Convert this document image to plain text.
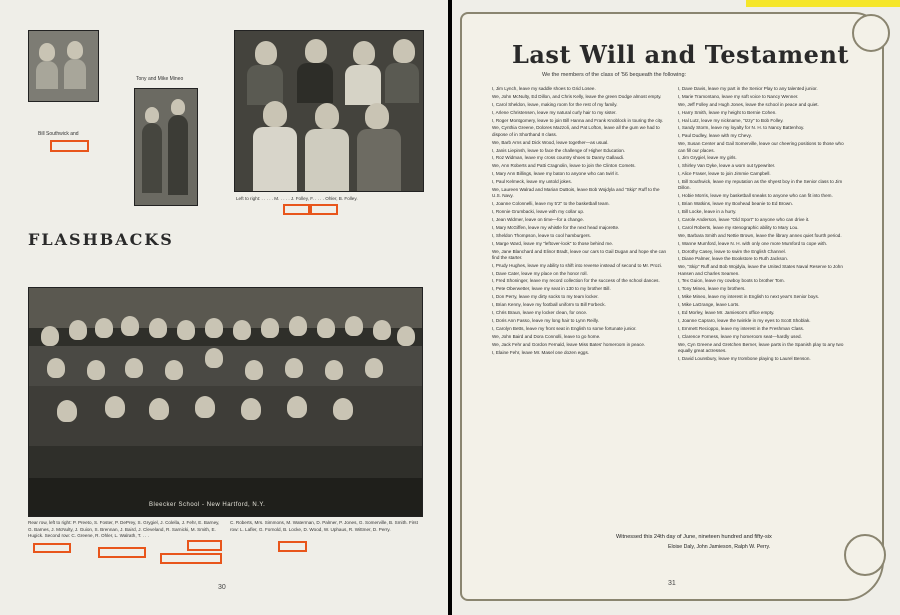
Bill Southwick and
Tony and Mike Mineo
Left to right: . . . . . M. . . . . J. Folley, F. . . . . Ohler, B. Folley.
FLASHBACKS
Bleecker School - New Hartford, N.Y.
Rear row, left to right: P. Preeto, S. Foster, P. DePrey, S. Grygiel, J. Colella, J. Fehr, E. Barney, G. Barnes, J. McNulty, J. Guion, S. Brennan, J. Baird, J. Cleveland, R. Sarnicki, M. Smith, E. Hugick. Second row: C. Greene, R. Ohler, L. Walrath, T. . . .
C. Roberts, Mrs. Simmons, M. Waterman, D. Palmer, P. Jones, G. Somerville, B. Smith. First row: L. Lafler, G. Fornold, B. Locke, D. Wood, W. Uphaus, R. Wittmer, D. Perry.
30
Last Will and Testament
We the members of the class of '56 bequeath the following:

I, Jim Lynch, leave my saddle shoes to Grid Losee.

We, John McNulty, Ed Dillon, and Chris Kelly, leave the green Dodge almost empty.

I, Carol Sheldon, leave, making room for the rest of my family.

I, Arlene Christensen, leave my natural curly hair to my sister.

I, Roger Montgomery, leave to join Bill Hanna and Frank Knoblock in touring the city.

We, Cynthia Greene, Dolores Mazzoli, and Pat Lofton, leave all the gum we had to dispose of in Shorthand II class.

We, Barb Arns and Dick Wood, leave together—as usual.

I, Janis Liepinsh, leave to face the challenge of Higher Education.

I, Roz Widman, leave my cross country shoes to Danny Gallaudi.

We, Ann Roberts and Patti Cragnolin, leave to join the Clinton Comets.

I, Mary Ann Billings, leave my baton to anyone who can twirl it.

I, Paul Kelmeck, leave my untold jokes.

We, Laureen Walrad and Marian DuBois, leave Bob Wojdyla and "Skip" Ruff to the U.S. Navy.

I, Joanne Colonnelli, leave my 5'2" to the basketball team.

I, Ronnie Grumbacki, leave with my collar up.

I, Jean Widmer, leave on time—for a change.

I, Mary McGiffen, leave my whistle for the next head majorette.

I, Sheldon Thompson, leave to cool hamburgers.

I, Marge Ward, leave my "leftover-look" to those behind me.

We, Jane Blanchard and Elinor Bradt, leave our cars to Gail Dugan and hope she can find the starter.

I, Prudy Hughes, leave my ability to shift into reverse instead of second to Mr. Prozi.

I, Dave Cater, leave my place on the honor roll.

I, Fred Shoninger, leave my record collection for the success of the school dances.

I, Pete Oberwetter, leave my seat in 130 to my brother Bill.

I, Don Perry, leave my dirty socks to my team locker.

I, Brian Kenny, leave my football uniform to Bill Forbeck.

I, Chris Braun, leave my locker clean, for once.

I, Doris Ann Fasso, leave my long hair to Lynn Reilly.

I, Carolyn Betts, leave my front seat in English to some fortunate junior.

We, John Baird and Dora Connolli, leave to go home.

We, Jack Fehr and Gordon Fernald, leave Miss Bates' homeroom in peace.

I, Elaine Fehr, leave Mr. Masel one dozen eggs.

I, Dave Davis, leave my part in the Senior Play to any talented junior.

I, Marie Tramontano, leave my soft voice to Nancy Wenner.

We, Jeff Folley and Hugh Jones, leave the school in peace and quiet.

I, Harry Smith, leave my height to Bernie Cohen.

I, Hal Lutz, leave my nickname, "Izzy" to Bob Folley.

I, Sandy Storm, leave my loyalty for N. H. to Nancy Battenhoy.

I, Paul Dudley, leave with my Chevy.

We, Susan Center and Gail Somerville, leave our cheering positions to those who can fill our places.

I, Jim Grygiel, leave my girls.

I, Shirley Van Dyke, leave a worn out typewriter.

I, Alice Fraser, leave to join Jimmie Campbell.

I, Bill Southwick, leave my reputation as the shyest boy in the Senior class to Jim Dillon.

I, Hobie Morris, leave my basketball sneaks to anyone who can fit into them.

I, Brian Watkins, leave my Boxhead beanie to Ed Brown.

I, Bill Locke, leave in a hurry.

I, Carole Anderson, leave "Old Sport" to anyone who can drive it.

I, Carol Roberts, leave my stenographic ability to Mary Lou.

We, Barbara Smith and Nettie Brown, leave the library annex quiet fourth period.

I, Wanne Mumford, leave N. H. with only one more Mumford to cope with.

I, Dorothy Casey, leave to swim the English Channel.

I, Diane Palmer, leave the Bookstore to Ruth Jackson.

We, "Skip" Ruff and Bob Wojdyla, leave the United States Naval Reserve to John Hansen and Charles Seamen.

I, Tex Guion, leave my cowboy boots to brother Tom.

I, Tony Mineo, leave my brothers.

I, Mike Mineo, leave my interest in English to next year's Senior boys.

I, Mike LaGrange, leave Lorts.

I, Ed Morley, leave Mr. Jamieson's office empty.

I, Joanne Capraro, leave the twinkle in my eyes to Scott Shoblak.

I, Emmett Recioppo, leave my interest in the Freshman Class.

I, Clarence Forness, leave my homeroom seat—hardly used.

We, Cyn Greene and Gretchen Berner, leave parts in the Spanish play to any two equally great actresses.

I, David Lounsbury, leave my trombone playing to Laurel Benson.

Witnessed this 24th day of June, nineteen hundred and fifty-six
Eloise Daly, John Jamieson, Ralph W. Perry.
31
